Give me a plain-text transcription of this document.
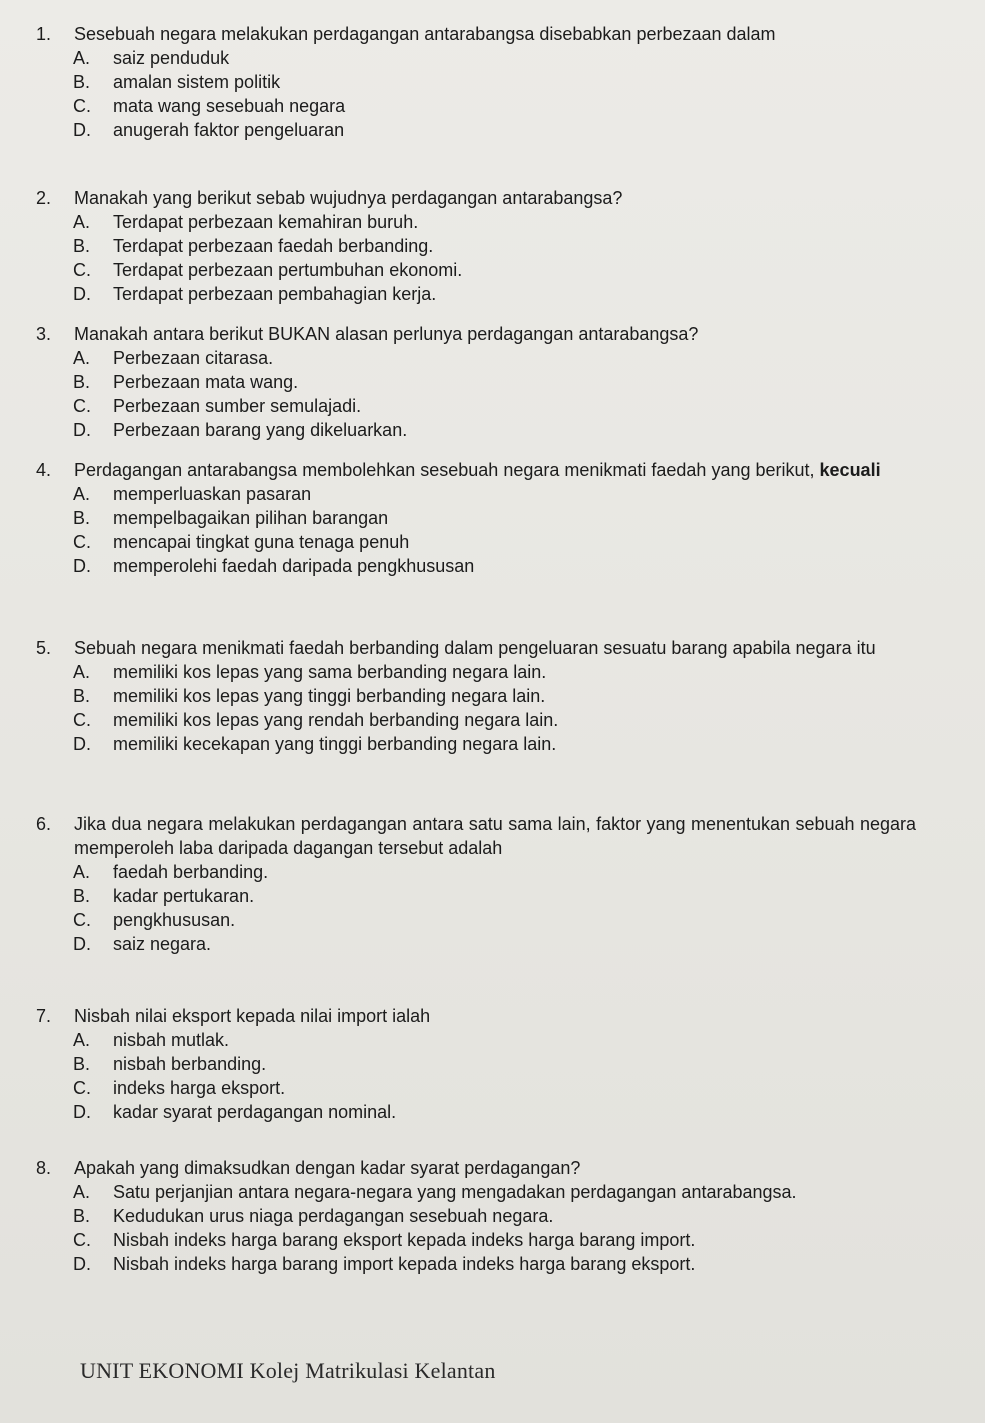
1.	Sesebuah negara melakukan perdagangan antarabangsa disebabkan perbezaan dalam
A.	saiz penduduk
B.	amalan sistem politik
C.	mata wang sesebuah negara
D.	anugerah faktor pengeluaran
2.	Manakah yang berikut sebab wujudnya perdagangan antarabangsa?
A.	Terdapat perbezaan kemahiran buruh.
B.	Terdapat perbezaan faedah berbanding.
C.	Terdapat perbezaan pertumbuhan ekonomi.
D.	Terdapat perbezaan pembahagian kerja.
3.	Manakah antara berikut BUKAN alasan perlunya perdagangan antarabangsa?
A.	Perbezaan citarasa.
B.	Perbezaan mata wang.
C.	Perbezaan sumber semulajadi.
D.	Perbezaan barang yang dikeluarkan.
4.	Perdagangan antarabangsa membolehkan sesebuah negara menikmati faedah yang berikut, kecuali
A.	memperluaskan pasaran
B.	mempelbagaikan pilihan barangan
C.	mencapai tingkat guna tenaga penuh
D.	memperolehi faedah daripada pengkhususan
5.	Sebuah negara menikmati faedah berbanding dalam pengeluaran sesuatu barang apabila negara itu
A.	memiliki kos lepas yang sama berbanding negara lain.
B.	memiliki kos lepas yang tinggi berbanding negara lain.
C.	memiliki kos lepas yang rendah berbanding negara lain.
D.	memiliki kecekapan yang tinggi berbanding negara lain.
6.	Jika dua negara melakukan perdagangan antara satu sama lain, faktor yang menentukan sebuah negara memperoleh laba daripada dagangan tersebut adalah
A.	faedah berbanding.
B.	kadar pertukaran.
C.	pengkhususan.
D.	saiz negara.
7.	Nisbah nilai eksport kepada nilai import ialah
A.	nisbah mutlak.
B.	nisbah berbanding.
C.	indeks harga eksport.
D.	kadar syarat perdagangan nominal.
8.	Apakah yang dimaksudkan dengan kadar syarat perdagangan?
A.	Satu perjanjian antara negara-negara yang mengadakan perdagangan antarabangsa.
B.	Kedudukan urus niaga perdagangan sesebuah negara.
C.	Nisbah indeks harga barang eksport kepada indeks harga barang import.
D.	Nisbah indeks harga barang import kepada indeks harga barang eksport.
UNIT EKONOMI Kolej Matrikulasi Kelantan
